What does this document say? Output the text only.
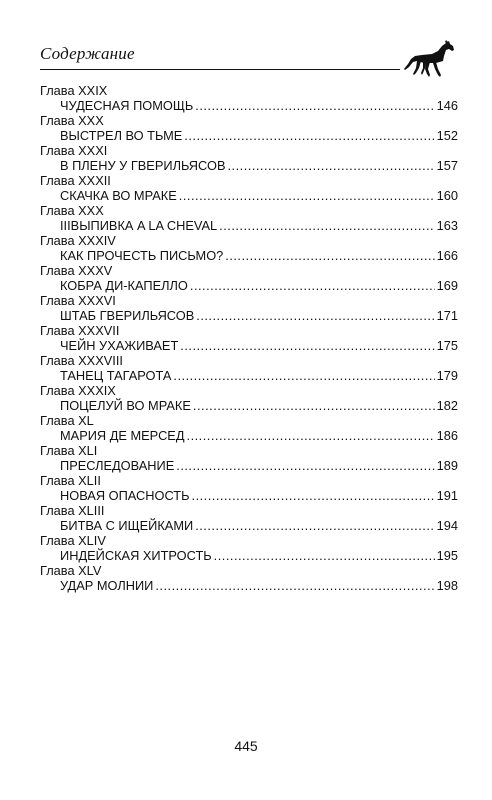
Содержание
Глава XXIX
ЧУДЕСНАЯ ПОМОЩЬ .....	146
Глава XXX
ВЫСТРЕЛ ВО ТЬМЕ .....	152
Глава XXXI
В ПЛЕНУ У ГВЕРИЛЬЯСОВ .....	157
Глава XXXII
СКАЧКА ВО МРАКЕ .....	160
Глава XXX
IIIВЫПИВКА A LA CHEVAL .....	163
Глава XXXIV
КАК ПРОЧЕСТЬ ПИСЬМО? .....	166
Глава XXXV
КОБРА ДИ-КАПЕЛЛО .....	169
Глава XXXVI
ШТАБ ГВЕРИЛЬЯСОВ .....	171
Глава XXXVII
ЧЕЙН УХАЖИВАЕТ .....	175
Глава XXXVIII
ТАНЕЦ ТАГАРОТА .....	179
Глава XXXIX
ПОЦЕЛУЙ ВО МРАКЕ .....	182
Глава XL
МАРИЯ ДЕ МЕРСЕД .....	186
Глава XLI
ПРЕСЛЕДОВАНИЕ .....	189
Глава XLII
НОВАЯ ОПАСНОСТЬ .....	191
Глава XLIII
БИТВА С ИЩЕЙКАМИ .....	194
Глава XLIV
ИНДЕЙСКАЯ ХИТРОСТЬ .....	195
Глава XLV
УДАР МОЛНИИ .....	198
445
